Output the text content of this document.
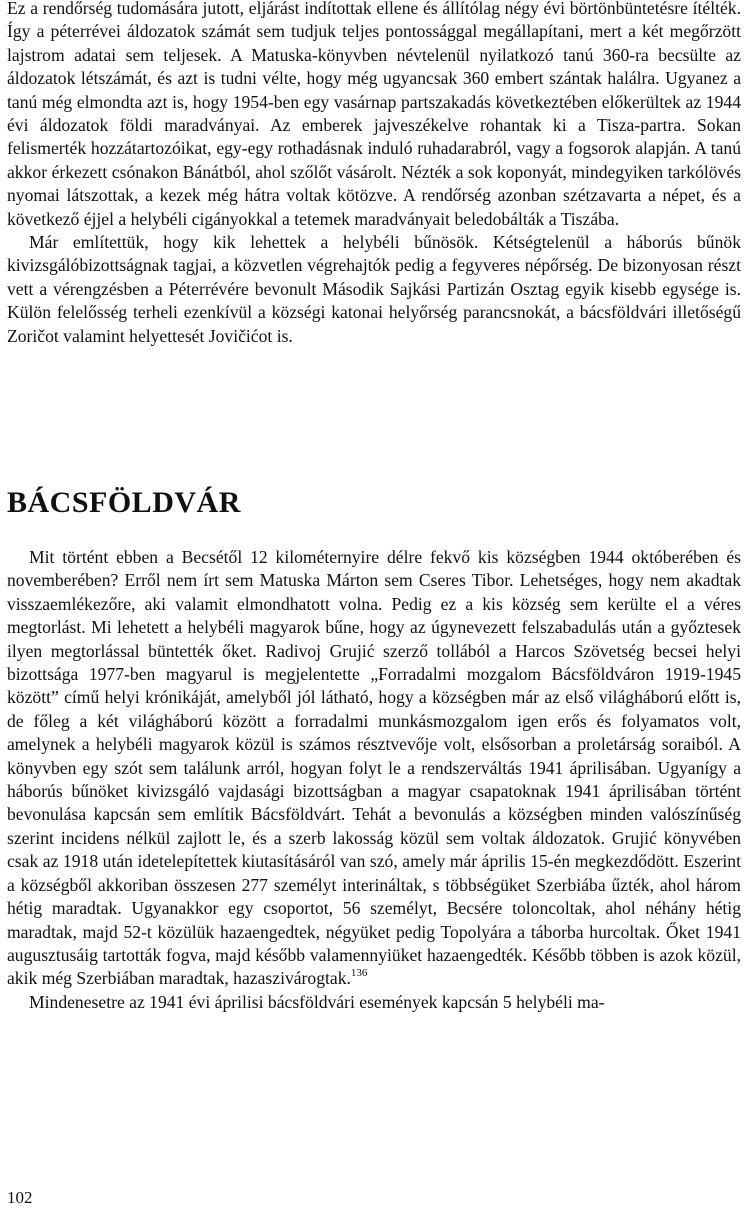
Ez a rendőrség tudomására jutott, eljárást indítottak ellene és állítólag négy évi börtönbüntetésre ítélték. Így a péterrévei áldozatok számát sem tudjuk teljes pontossággal megállapítani, mert a két megőrzött lajstrom adatai sem teljesek. A Matuska-könyvben névtelenül nyilatkozó tanú 360-ra becsülte az áldozatok létszámát, és azt is tudni vélte, hogy még ugyancsak 360 embert szántak halálra. Ugyanez a tanú még elmondta azt is, hogy 1954-ben egy vasárnap partszakadás következtében előkerültek az 1944 évi áldozatok földi maradványai. Az emberek jajveszékelve rohantak ki a Tisza-partra. Sokan felismerték hozzátartozóikat, egy-egy rothadásnak induló ruhadarabról, vagy a fogsorok alapján. A tanú akkor érkezett csónakon Bánátból, ahol szőlőt vásárolt. Nézték a sok koponyát, mindegyiken tarkólövés nyomai látszottak, a kezek még hátra voltak kötözve. A rendőrség azonban szétzavarta a népet, és a következő éjjel a helybéli cigányokkal a tetemek maradványait beledobálták a Tiszába.

Már említettük, hogy kik lehettek a helybéli bűnösök. Kétségtelenül a háborús bűnök kivizsgálóbizottságnak tagjai, a közvetlen végrehajtók pedig a fegyveres népőrség. De bizonyosan részt vett a vérengzésben a Péterrévére bevonult Második Sajkási Partizán Osztag egyik kisebb egysége is. Külön felelősség terheli ezenkívül a községi katonai helyőrség parancsnokát, a bácsföldvári illetőségű Zoričot valamint helyettesét Jovičićot is.

BÁCSFÖLDVÁR

Mit történt ebben a Becsétől 12 kilométernyire délre fekvő kis községben 1944 októberében és novemberében? Erről nem írt sem Matuska Márton sem Cseres Tibor. Lehetséges, hogy nem akadtak visszaemlékezőre, aki valamit elmondhatott volna. Pedig ez a kis község sem kerülte el a véres megtorlást. Mi lehetett a helybéli magyarok bűne, hogy az úgynevezett felszabadulás után a győztesek ilyen megtorlással büntették őket. Radivoj Grujić szerző tollából a Harcos Szövetség becsei helyi bizottsága 1977-ben magyarul is megjelentette „Forradalmi mozgalom Bácsföldváron 1919-1945 között” című helyi krónikáját, amelyből jól látható, hogy a községben már az első világháború előtt is, de főleg a két világháború között a forradalmi munkásmozgalom igen erős és folyamatos volt, amelynek a helybéli magyarok közül is számos résztvevője volt, elsősorban a proletárság soraiból. A könyvben egy szót sem találunk arról, hogyan folyt le a rendszerváltás 1941 áprilisában. Ugyanígy a háborús bűnöket kivizsgáló vajdasági bizottságban a magyar csapatoknak 1941 áprilisában történt bevonulása kapcsán sem említik Bácsföldvárt. Tehát a bevonulás a községben minden valószínűség szerint incidens nélkül zajlott le, és a szerb lakosság közül sem voltak áldozatok. Grujić könyvében csak az 1918 után idetelepítettek kiutasításáról van szó, amely már április 15-én megkezdődött. Eszerint a községből akkoriban összesen 277 személyt interináltak, s többségüket Szerbiába űzték, ahol három hétig maradtak. Ugyanakkor egy csoportot, 56 személyt, Becsére toloncoltak, ahol néhány hétig maradtak, majd 52-t közülük hazaengedtek, négyüket pedig Topolyára a táborba hurcoltak. Őket 1941 augusztusáig tartották fogva, majd később valamennyiüket hazaengedték. Később többen is azok közül, akik még Szerbiában maradtak, hazaszivárogtak.$^{136}$

Mindenesetre az 1941 évi áprilisi bácsföldvári események kapcsán 5 helybéli ma-

102
